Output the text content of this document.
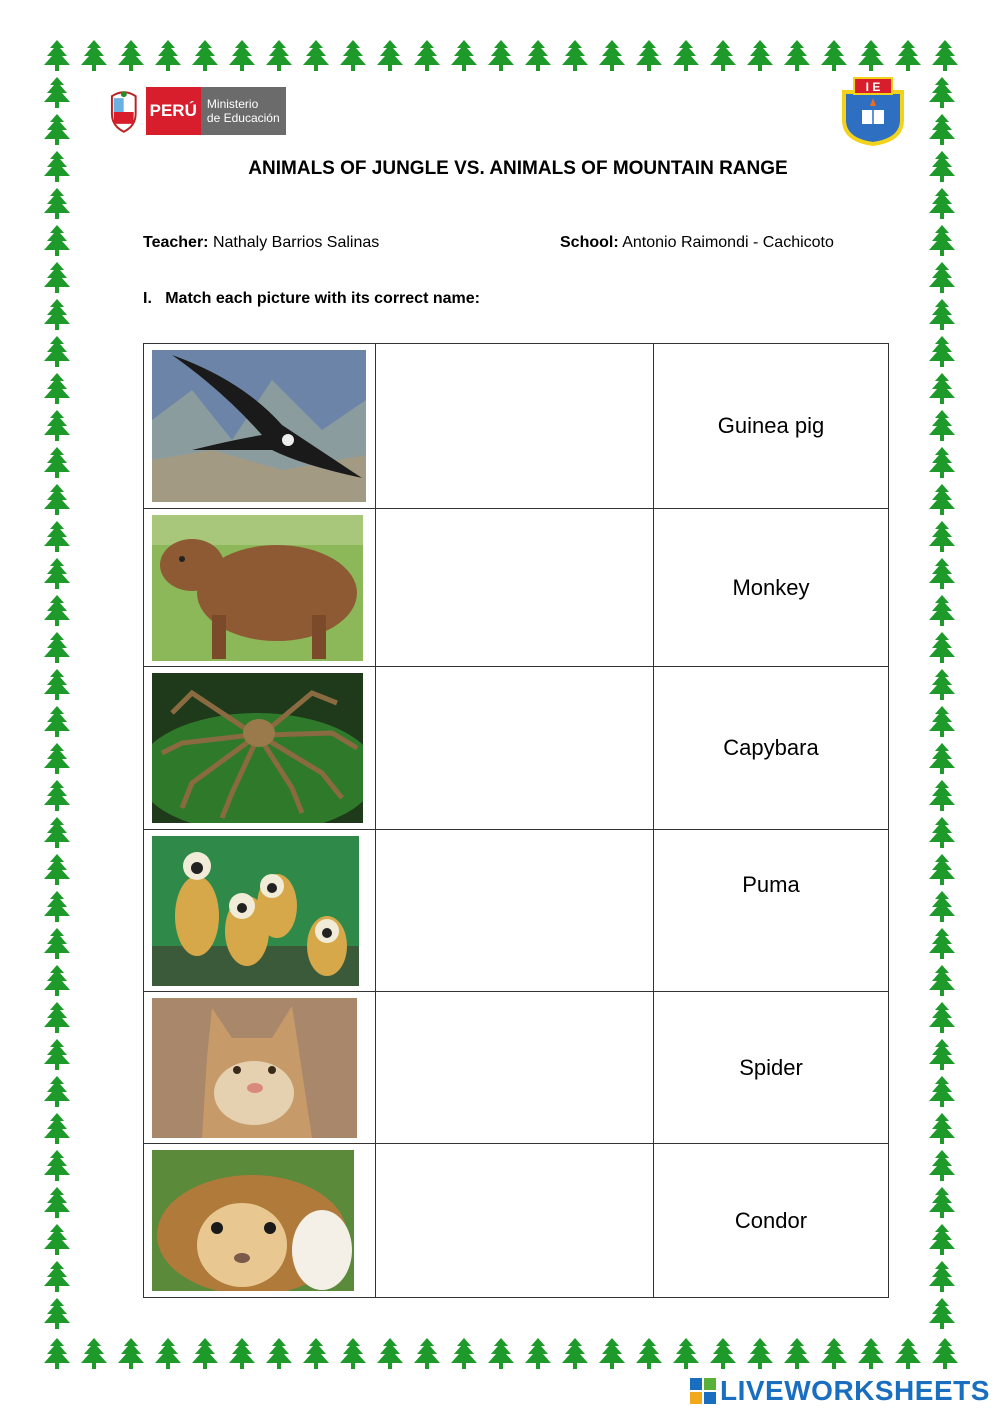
PERÚ Ministerio
de Educación
I E
ANIMALS OF JUNGLE VS. ANIMALS OF MOUNTAIN RANGE
Teacher: Nathaly Barrios Salinas	School: Antonio Raimondi - Cachicoto
I.   Match each picture with its correct name:
		Guinea pig

		Monkey

		Capybara

		Puma

		Spider

		Condor
LIVEWORKSHEETS
